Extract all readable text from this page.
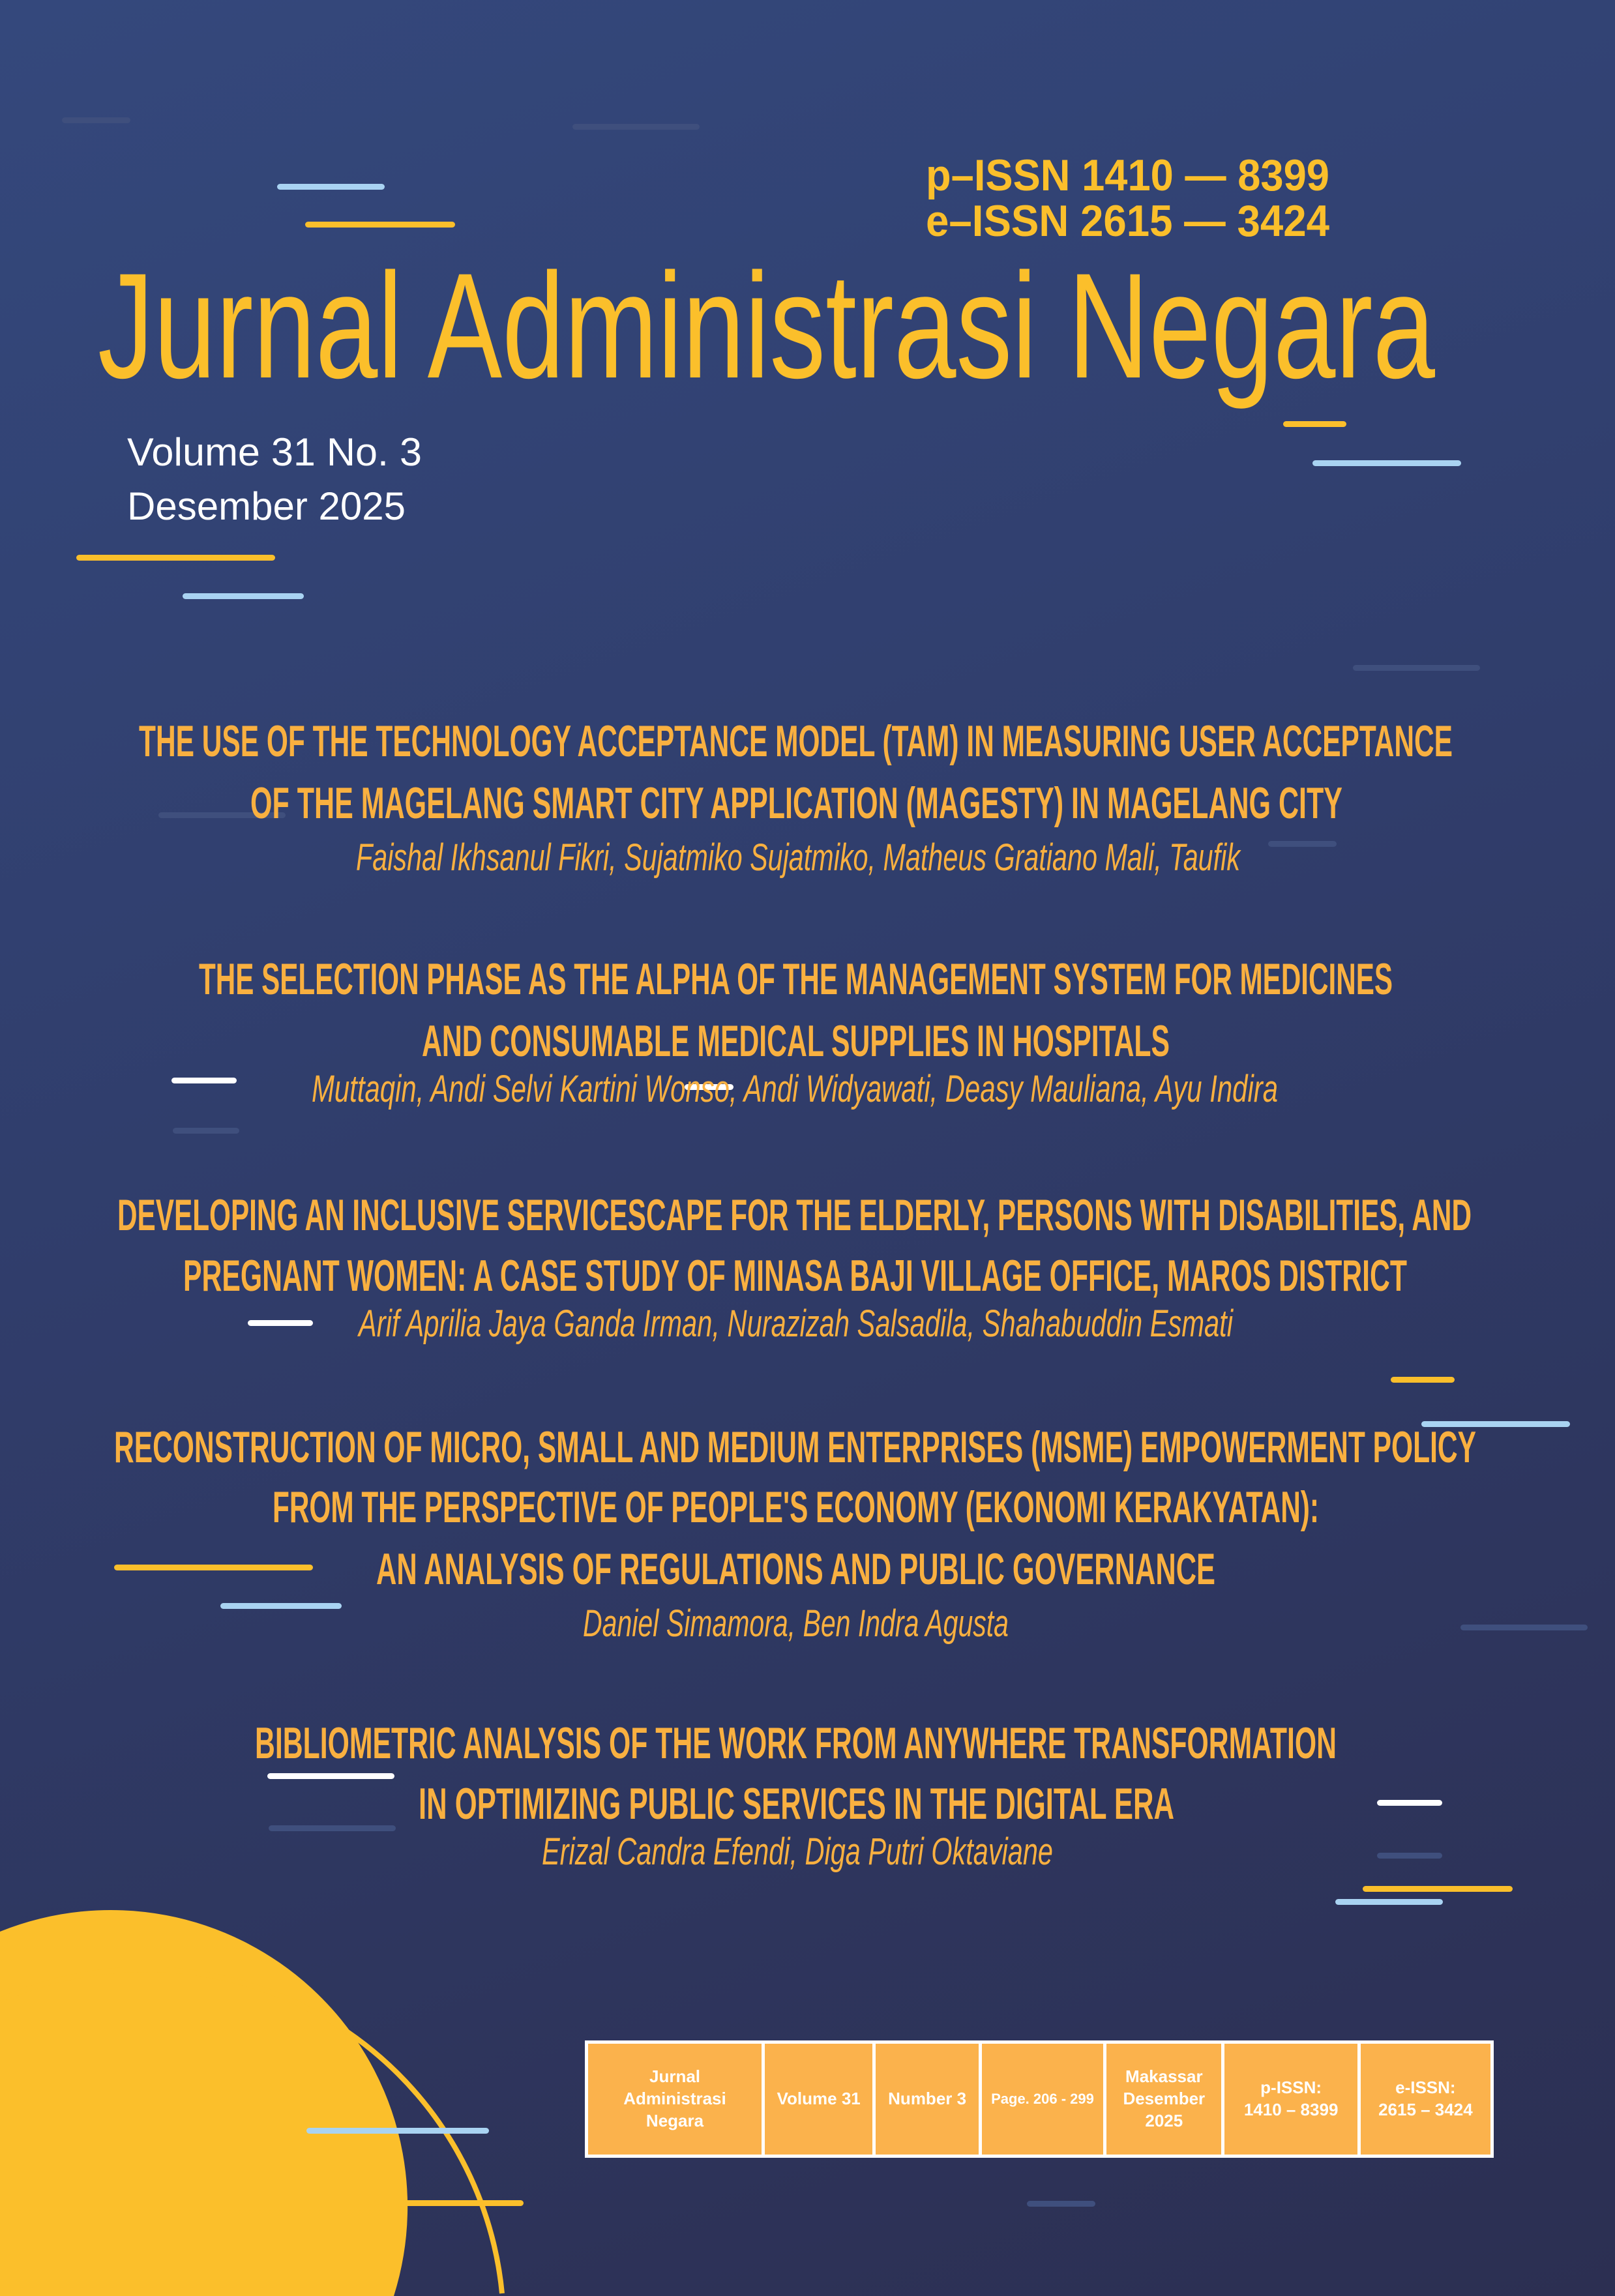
p–ISSN 1410 — 8399
e–ISSN 2615 — 3424
Jurnal Administrasi Negara
Volume 31 No. 3
Desember 2025
THE USE OF THE TECHNOLOGY ACCEPTANCE MODEL (TAM) IN MEASURING USER ACCEPTANCE
OF THE MAGELANG SMART CITY APPLICATION (MAGESTY) IN MAGELANG CITY
Faishal Ikhsanul Fikri, Sujatmiko Sujatmiko, Matheus Gratiano Mali, Taufik
THE SELECTION PHASE AS THE ALPHA OF THE MANAGEMENT SYSTEM FOR MEDICINES
AND CONSUMABLE MEDICAL SUPPLIES IN HOSPITALS
Muttaqin, Andi Selvi Kartini Wonso, Andi Widyawati, Deasy Mauliana, Ayu Indira
DEVELOPING AN INCLUSIVE SERVICESCAPE FOR THE ELDERLY, PERSONS WITH DISABILITIES, AND
PREGNANT WOMEN: A CASE STUDY OF MINASA BAJI VILLAGE OFFICE, MAROS DISTRICT
Arif Aprilia Jaya Ganda Irman, Nurazizah Salsadila, Shahabuddin Esmati
RECONSTRUCTION OF MICRO, SMALL AND MEDIUM ENTERPRISES (MSME) EMPOWERMENT POLICY
FROM THE PERSPECTIVE OF PEOPLE'S ECONOMY (EKONOMI KERAKYATAN):
AN ANALYSIS OF REGULATIONS AND PUBLIC GOVERNANCE
Daniel Simamora, Ben Indra Agusta
BIBLIOMETRIC ANALYSIS OF THE WORK FROM ANYWHERE TRANSFORMATION
IN OPTIMIZING PUBLIC SERVICES IN THE DIGITAL ERA
Erizal Candra Efendi, Diga Putri Oktaviane
Jurnal
Administrasi
Negara
Volume 31 Number 3 Page. 206 - 299
Makassar
Desember
2025
p-ISSN:
1410 – 8399
e-ISSN:
2615 – 3424
